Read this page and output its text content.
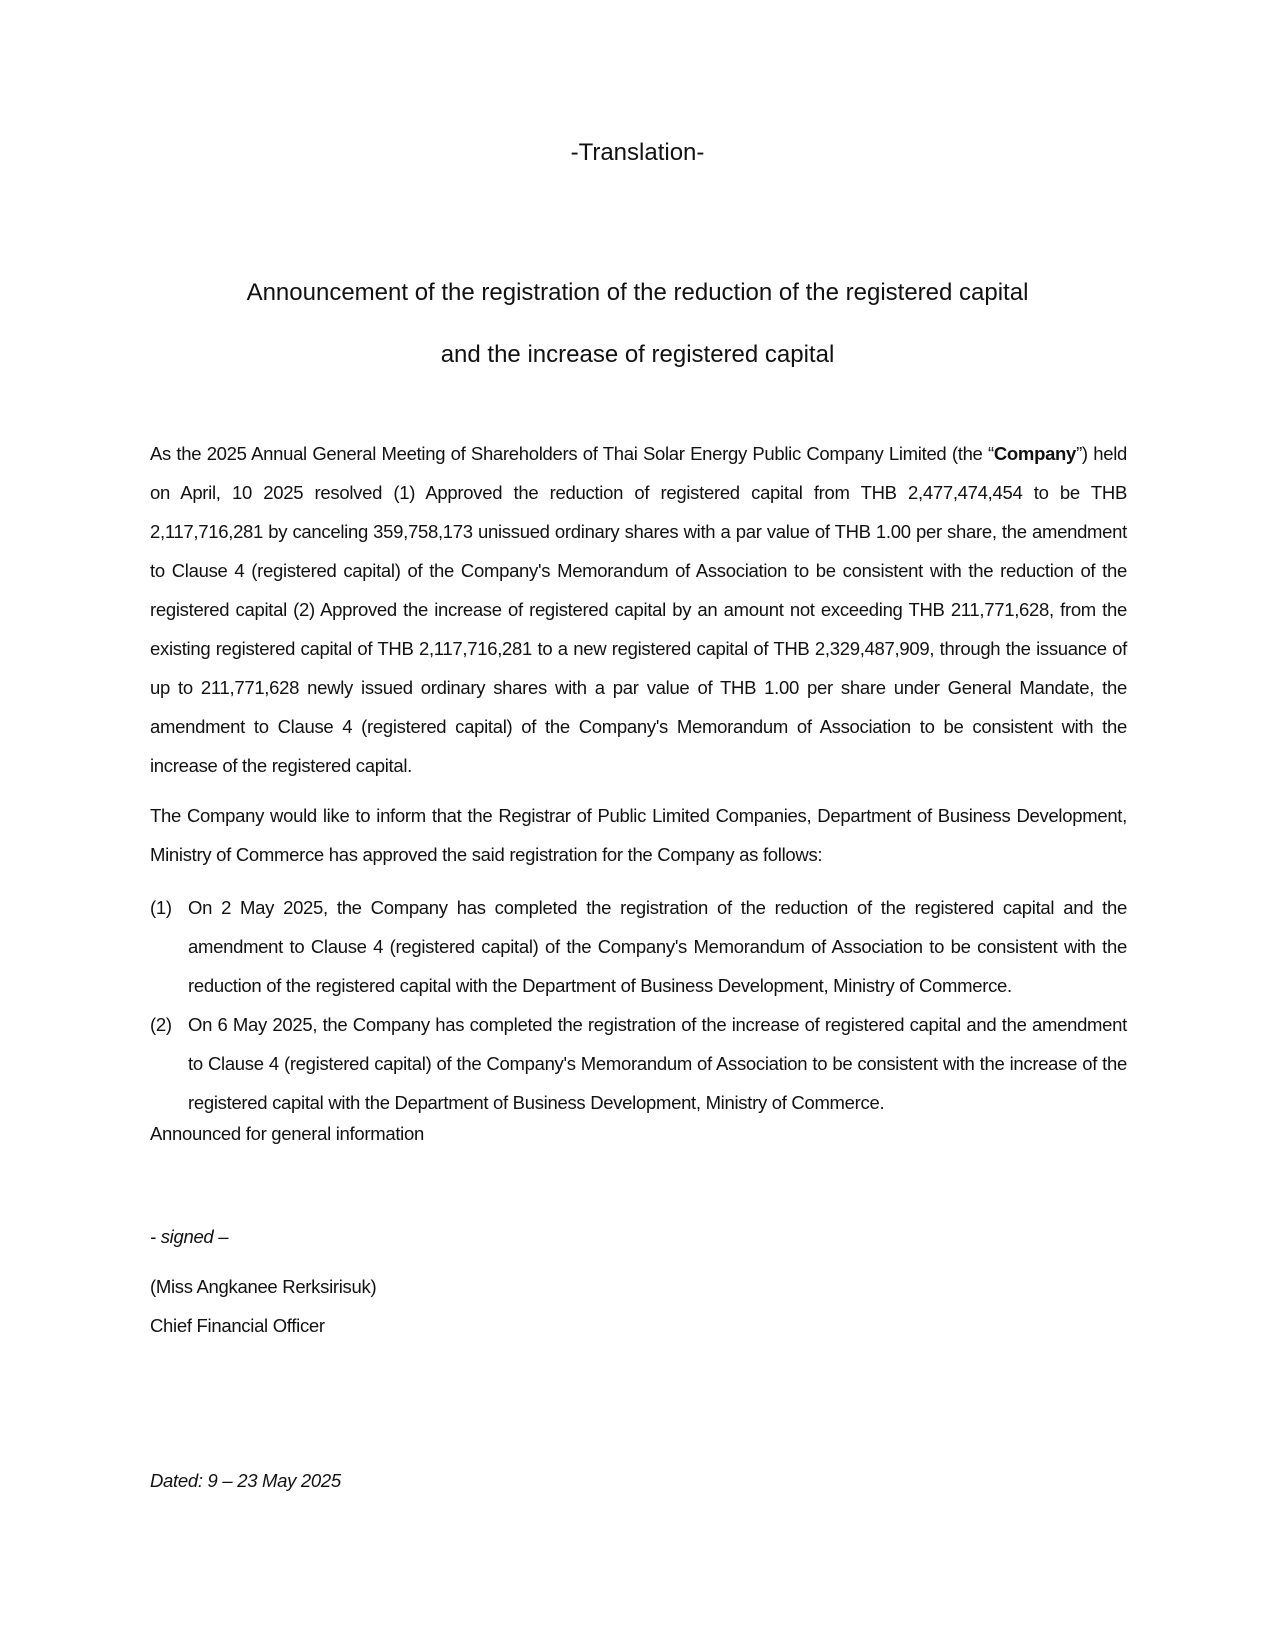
-Translation-
Announcement of the registration of the reduction of the registered capital
and the increase of registered capital

As the 2025 Annual General Meeting of Shareholders of Thai Solar Energy Public Company Limited (the “Company”) held on April, 10 2025 resolved (1) Approved the reduction of registered capital from THB 2,477,474,454 to be THB 2,117,716,281 by canceling 359,758,173 unissued ordinary shares with a par value of THB 1.00 per share, the amendment to Clause 4 (registered capital) of the Company's Memorandum of Association to be consistent with the reduction of the registered capital (2) Approved the increase of registered capital by an amount not exceeding THB 211,771,628, from the existing registered capital of THB 2,117,716,281 to a new registered capital of THB 2,329,487,909, through the issuance of up to 211,771,628 newly issued ordinary shares with a par value of THB 1.00 per share under General Mandate, the amendment to Clause 4 (registered capital) of the Company's Memorandum of Association to be consistent with the increase of the registered capital.

The Company would like to inform that the Registrar of Public Limited Companies, Department of Business Development, Ministry of Commerce has approved the said registration for the Company as follows:

(1) On 2 May 2025, the Company has completed the registration of the reduction of the registered capital and the amendment to Clause 4 (registered capital) of the Company's Memorandum of Association to be consistent with the reduction of the registered capital with the Department of Business Development, Ministry of Commerce.
(2) On 6 May 2025, the Company has completed the registration of the increase of registered capital and the amendment to Clause 4 (registered capital) of the Company's Memorandum of Association to be consistent with the increase of the registered capital with the Department of Business Development, Ministry of Commerce.

Announced for general information

- signed –

(Miss Angkanee Rerksirisuk)

Chief Financial Officer

Dated: 9 – 23 May 2025
